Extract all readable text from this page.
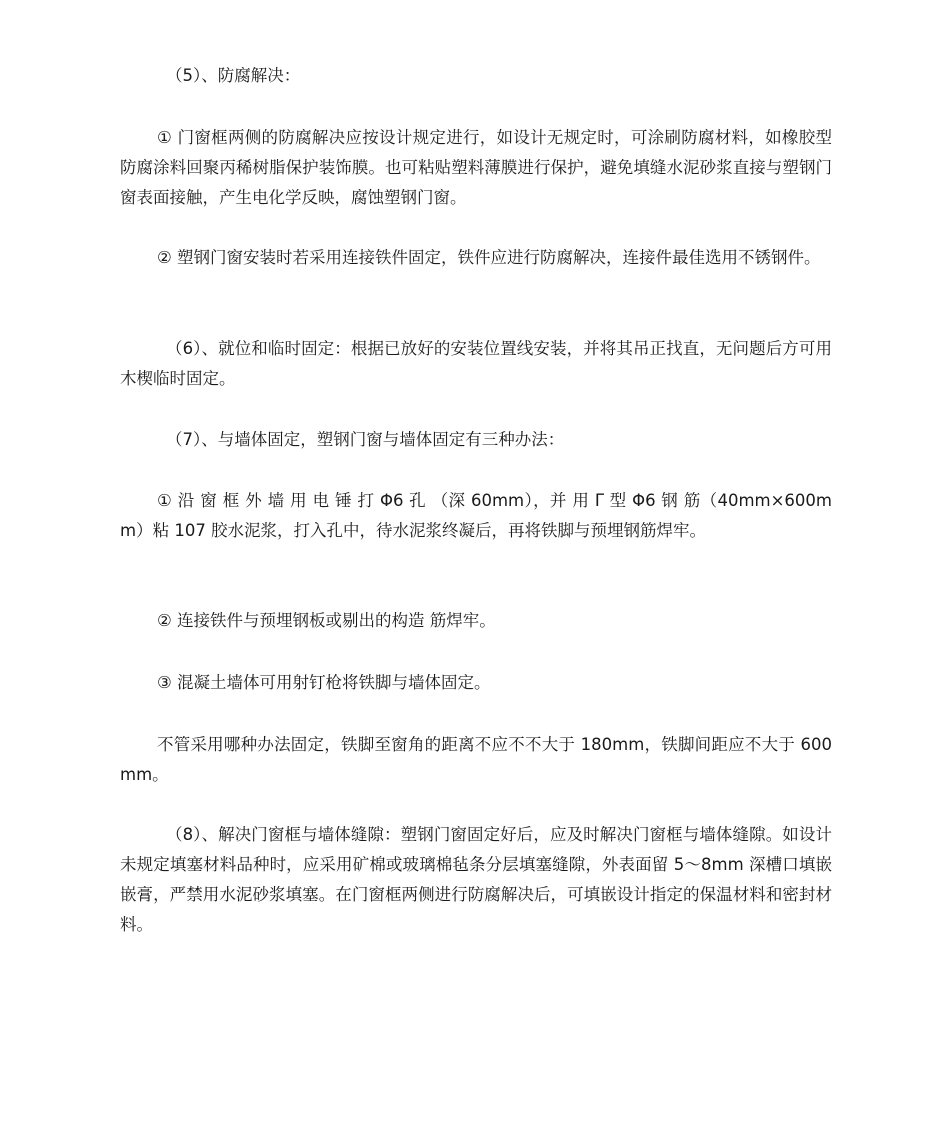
（5）、防腐解决：

① 门窗框两侧的防腐解决应按设计规定进行，如设计无规定时，可涂刷防腐材料，如橡胶型防腐涂料回聚丙稀树脂保护装饰膜。也可粘贴塑料薄膜进行保护，避免填缝水泥砂浆直接与塑钢门窗表面接触，产生电化学反映，腐蚀塑钢门窗。

② 塑钢门窗安装时若采用连接铁件固定，铁件应进行防腐解决，连接件最佳选用不锈钢件。

（6）、就位和临时固定：根据已放好的安装位置线安装，并将其吊正找直，无问题后方可用木楔临时固定。

（7）、与墙体固定，塑钢门窗与墙体固定有三种办法：

① 沿 窗 框 外 墙 用 电 锤 打 Φ6 孔 （深 60mm），并 用 Γ 型 Φ6 钢 筋（40mm×600mm）粘 107 胶水泥浆，打入孔中，待水泥浆终凝后，再将铁脚与预埋钢筋焊牢。

② 连接铁件与预埋钢板或剔出的构造 筋焊牢。

③ 混凝土墙体可用射钉枪将铁脚与墙体固定。

不管采用哪种办法固定，铁脚至窗角的距离不应不不大于 180mm，铁脚间距应不大于 600mm。

（8）、解决门窗框与墙体缝隙：塑钢门窗固定好后，应及时解决门窗框与墙体缝隙。如设计未规定填塞材料品种时，应采用矿棉或玻璃棉毡条分层填塞缝隙，外表面留 5～8mm 深槽口填嵌嵌膏，严禁用水泥砂浆填塞。在门窗框两侧进行防腐解决后，可填嵌设计指定的保温材料和密封材料。
